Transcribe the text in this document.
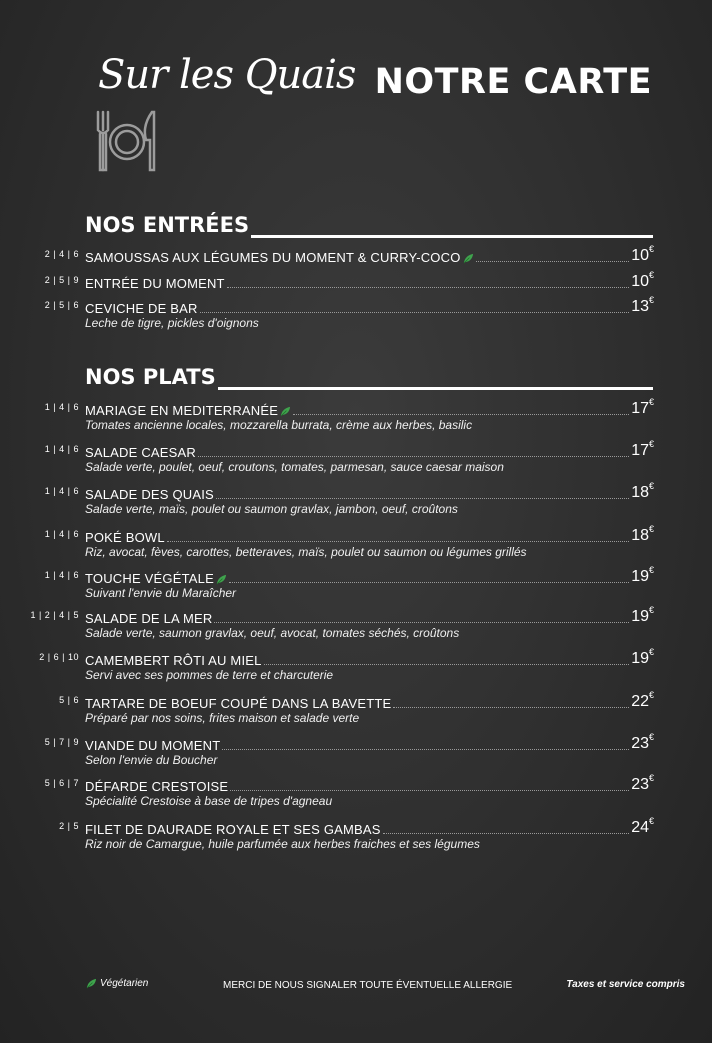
Sur les Quais NOTRE CARTE
NOS ENTRÉES
2 | 4 | 6 SAMOUSSAS AUX LÉGUMES DU MOMENT & CURRY-COCO	10€
2 | 5 | 9 ENTRÉE DU MOMENT	10€
2 | 5 | 6 CEVICHE DE BAR	13€
Leche de tigre, pickles d'oignons
NOS PLATS
1 | 4 | 6 MARIAGE EN MEDITERRANÉE	17€
Tomates ancienne locales, mozzarella burrata, crème aux herbes, basilic
1 | 4 | 6 SALADE CAESAR	17€
Salade verte, poulet, oeuf, croutons, tomates, parmesan, sauce caesar maison
1 | 4 | 6 SALADE DES QUAIS	18€
Salade verte, maïs, poulet ou saumon gravlax, jambon, oeuf, croûtons
1 | 4 | 6 POKÉ BOWL	18€
Riz, avocat, fèves, carottes, betteraves, maïs, poulet ou saumon ou légumes grillés
1 | 4 | 6 TOUCHE VÉGÉTALE	19€
Suivant l'envie du Maraîcher
1 | 2 | 4 | 5 SALADE DE LA MER	19€
Salade verte, saumon gravlax, oeuf, avocat, tomates séchés, croûtons
2 | 6 | 10 CAMEMBERT RÔTI AU MIEL	19€
Servi avec ses pommes de terre et charcuterie
5 | 6 TARTARE DE BOEUF COUPÉ DANS LA BAVETTE	22€
Préparé par nos soins, frites maison et salade verte
5 | 7 | 9 VIANDE DU MOMENT	23€
Selon l'envie du Boucher
5 | 6 | 7 DÉFARDE CRESTOISE	23€
Spécialité Crestoise à base de tripes d'agneau
2 | 5 FILET DE DAURADE ROYALE ET SES GAMBAS	24€
Riz noir de Camargue, huile parfumée aux herbes fraiches et ses légumes
Végétarien	MERCI DE NOUS SIGNALER TOUTE ÉVENTUELLE ALLERGIE	Taxes et service compris
